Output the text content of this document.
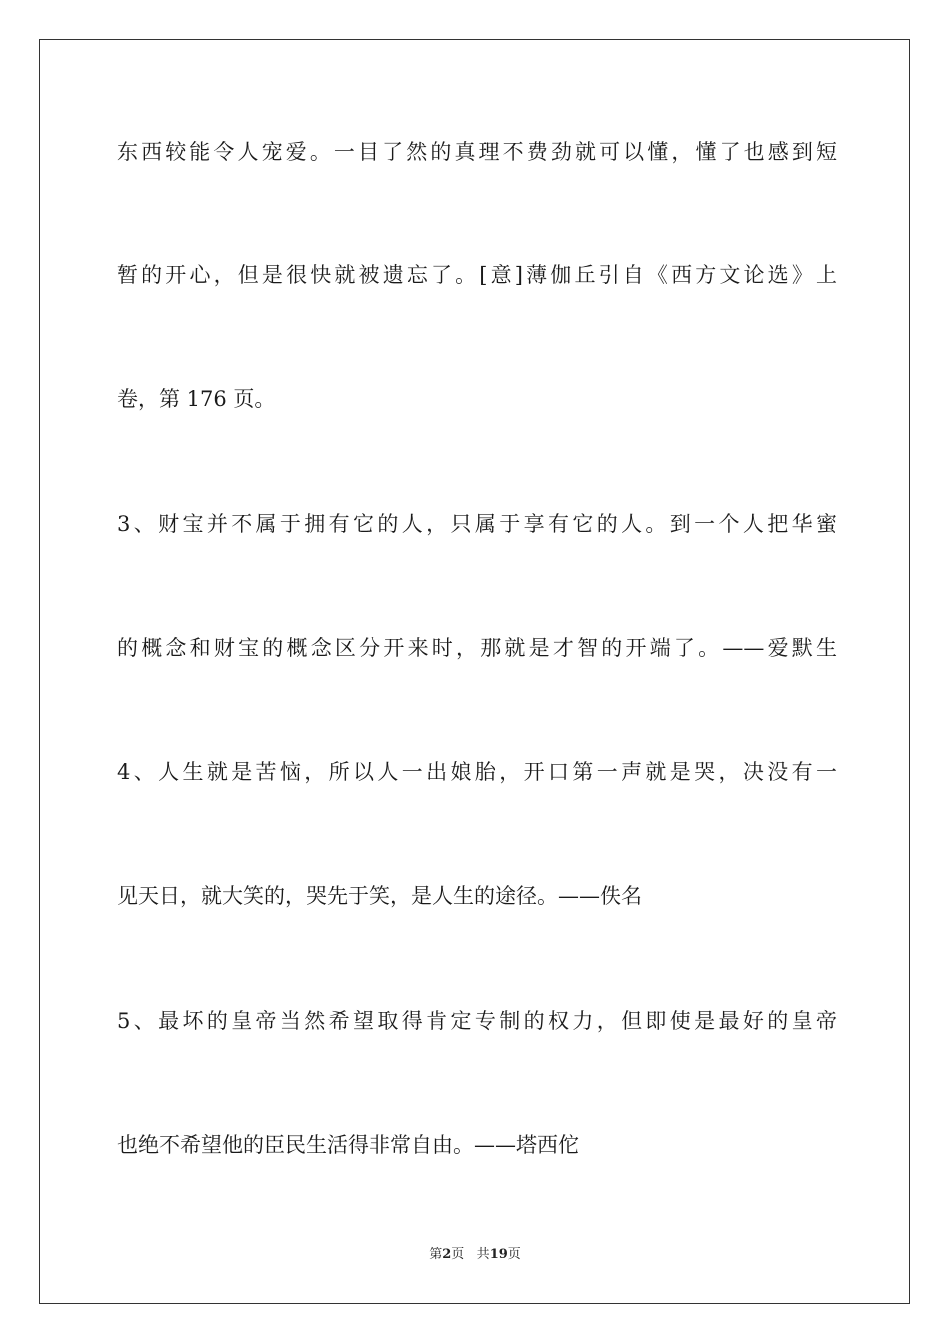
东西较能令人宠爱。一目了然的真理不费劲就可以懂，懂了也感到短
暂的开心，但是很快就被遗忘了。[意]薄伽丘引自《西方文论选》上
卷，第 176 页。
3、财宝并不属于拥有它的人，只属于享有它的人。到一个人把华蜜
的概念和财宝的概念区分开来时，那就是才智的开端了。——爱默生
4、人生就是苦恼，所以人一出娘胎，开口第一声就是哭，决没有一
见天日，就大笑的，哭先于笑，是人生的途径。——佚名
5、最坏的皇帝当然希望取得肯定专制的权力，但即使是最好的皇帝
也绝不希望他的臣民生活得非常自由。——塔西佗
第2页 共19页
